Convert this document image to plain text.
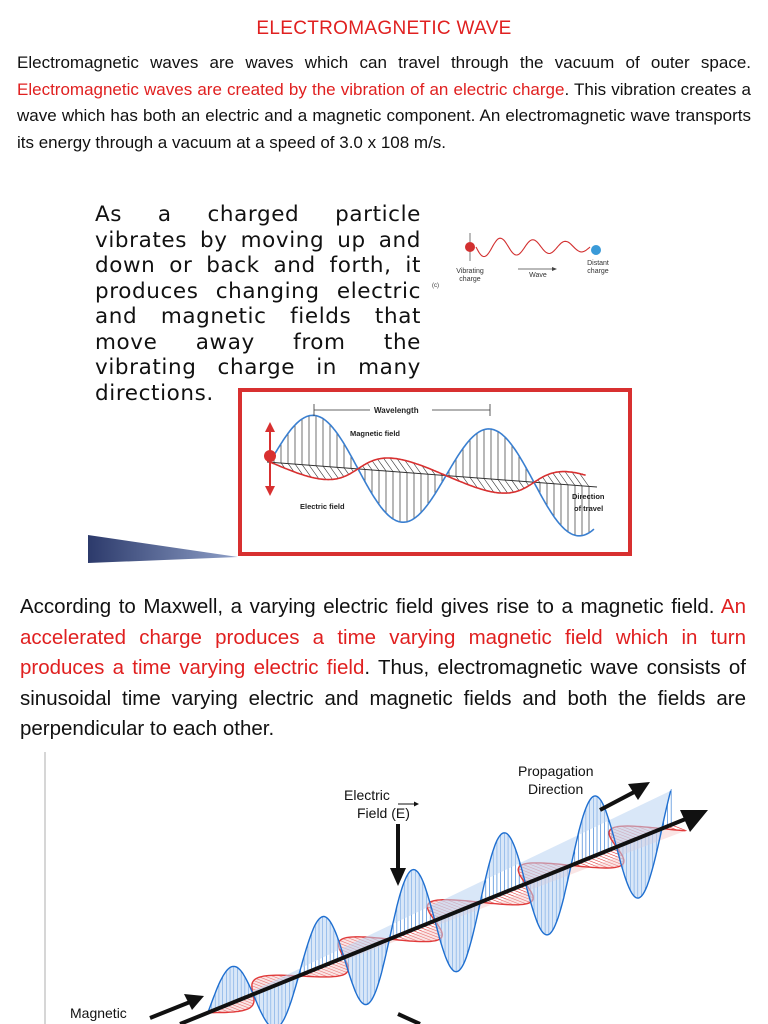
ELECTROMAGNETIC WAVE

Electromagnetic waves are waves which can travel through the vacuum of outer space. Electromagnetic waves are created by the vibration of an electric charge. This vibration creates a wave which has both an electric and a magnetic component. An electromagnetic wave transports its energy through a vacuum at a speed of 3.0 x 108 m/s.

As a charged particle vibrates by moving up and down or back and forth, it produces changing electric and magnetic fields that move away from the vibrating charge in many directions.

Vibrating
charge
Wave
Distant
charge
(c)
Wavelength
Magnetic field
Electric field
Direction
of travel

According to Maxwell, a varying electric field gives rise to a magnetic field. An accelerated charge produces a time varying magnetic field which in turn produces a time varying electric field. Thus, electromagnetic wave consists of sinusoidal time varying electric and magnetic fields and both the fields are perpendicular to each other.

Propagation
Direction
Electric
Field (E)
Magnetic
